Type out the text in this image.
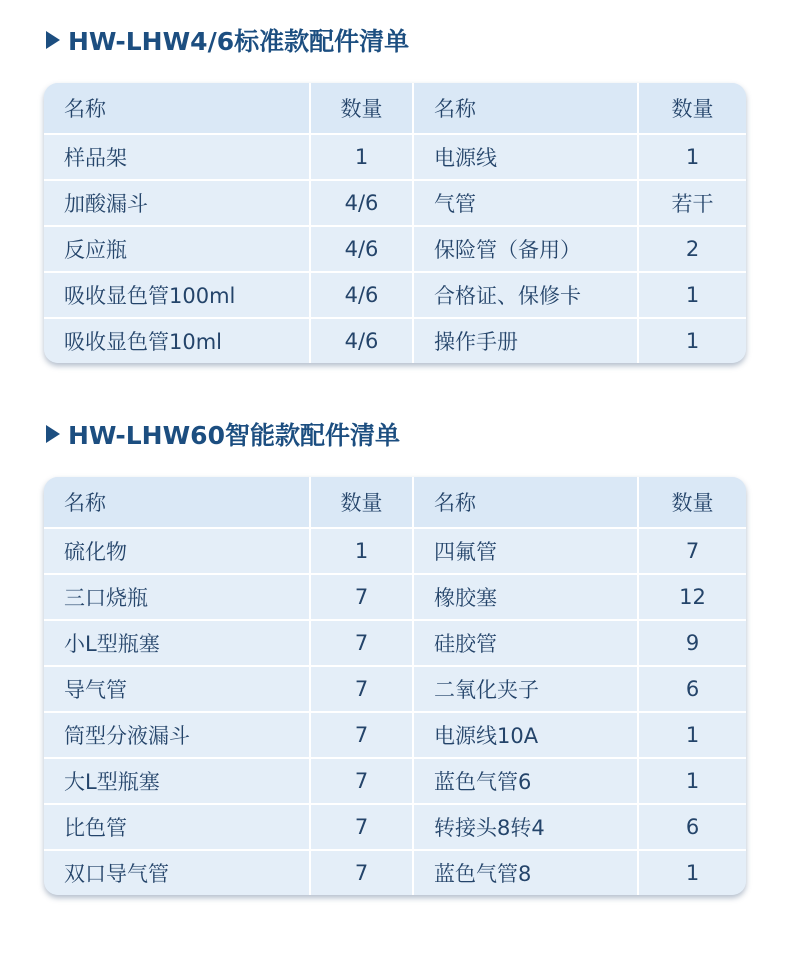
HW-LHW4/6标准款配件清单
名称	数量	名称	数量
样品架	1	电源线	1
加酸漏斗	4/6	气管	若干
反应瓶	4/6	保险管（备用）	2
吸收显色管100ml	4/6	合格证、保修卡	1
吸收显色管10ml	4/6	操作手册	1
HW-LHW60智能款配件清单
名称	数量	名称	数量
硫化物	1	四氟管	7
三口烧瓶	7	橡胶塞	12
小L型瓶塞	7	硅胶管	9
导气管	7	二氧化夹子	6
筒型分液漏斗	7	电源线10A	1
大L型瓶塞	7	蓝色气管6	1
比色管	7	转接头8转4	6
双口导气管	7	蓝色气管8	1
